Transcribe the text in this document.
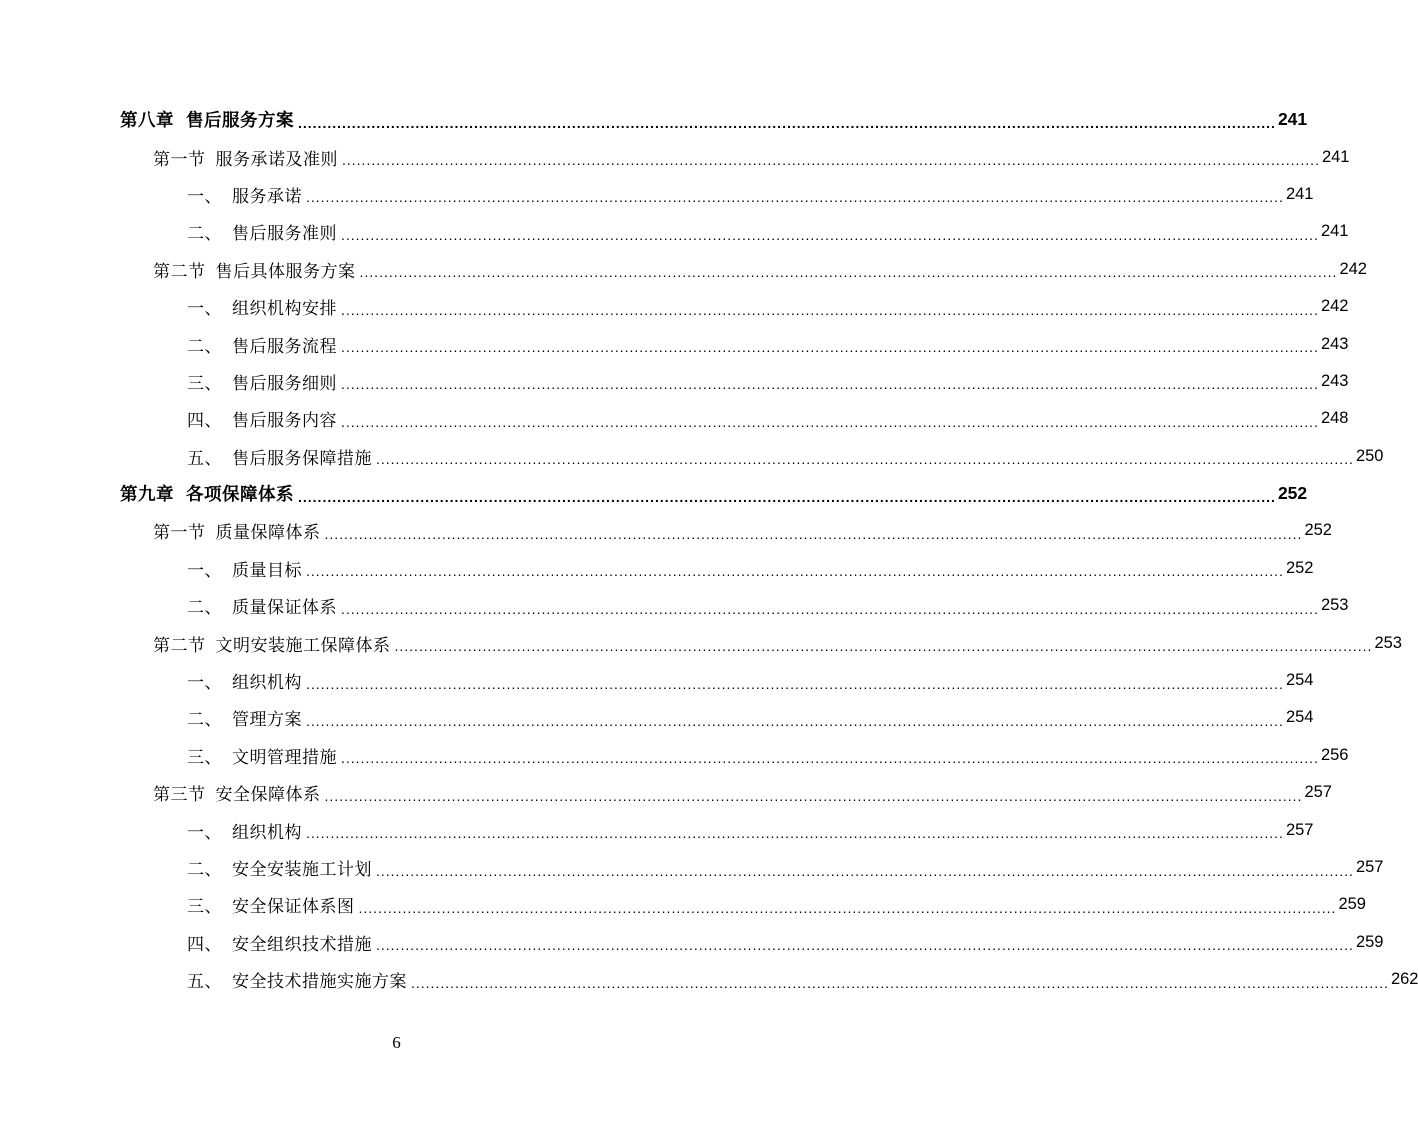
第八章 售后服务方案 ........................................................................................................................................................................................................ 241
第一节 服务承诺及准则 ........................................................................................................................................................................................................ 241
一、 服务承诺 ........................................................................................................................................................................................................ 241
二、 售后服务准则 ........................................................................................................................................................................................................ 241
第二节 售后具体服务方案 ........................................................................................................................................................................................................ 242
一、 组织机构安排 ........................................................................................................................................................................................................ 242
二、 售后服务流程 ........................................................................................................................................................................................................ 243
三、 售后服务细则 ........................................................................................................................................................................................................ 243
四、 售后服务内容 ........................................................................................................................................................................................................ 248
五、 售后服务保障措施 ........................................................................................................................................................................................................ 250
第九章 各项保障体系 ........................................................................................................................................................................................................ 252
第一节 质量保障体系 ........................................................................................................................................................................................................ 252
一、 质量目标 ........................................................................................................................................................................................................ 252
二、 质量保证体系 ........................................................................................................................................................................................................ 253
第二节 文明安装施工保障体系 ........................................................................................................................................................................................................ 253
一、 组织机构 ........................................................................................................................................................................................................ 254
二、 管理方案 ........................................................................................................................................................................................................ 254
三、 文明管理措施 ........................................................................................................................................................................................................ 256
第三节 安全保障体系 ........................................................................................................................................................................................................ 257
一、 组织机构 ........................................................................................................................................................................................................ 257
二、 安全安装施工计划 ........................................................................................................................................................................................................ 257
三、 安全保证体系图 ........................................................................................................................................................................................................ 259
四、 安全组织技术措施 ........................................................................................................................................................................................................ 259
五、 安全技术措施实施方案 ........................................................................................................................................................................................................ 262
6
